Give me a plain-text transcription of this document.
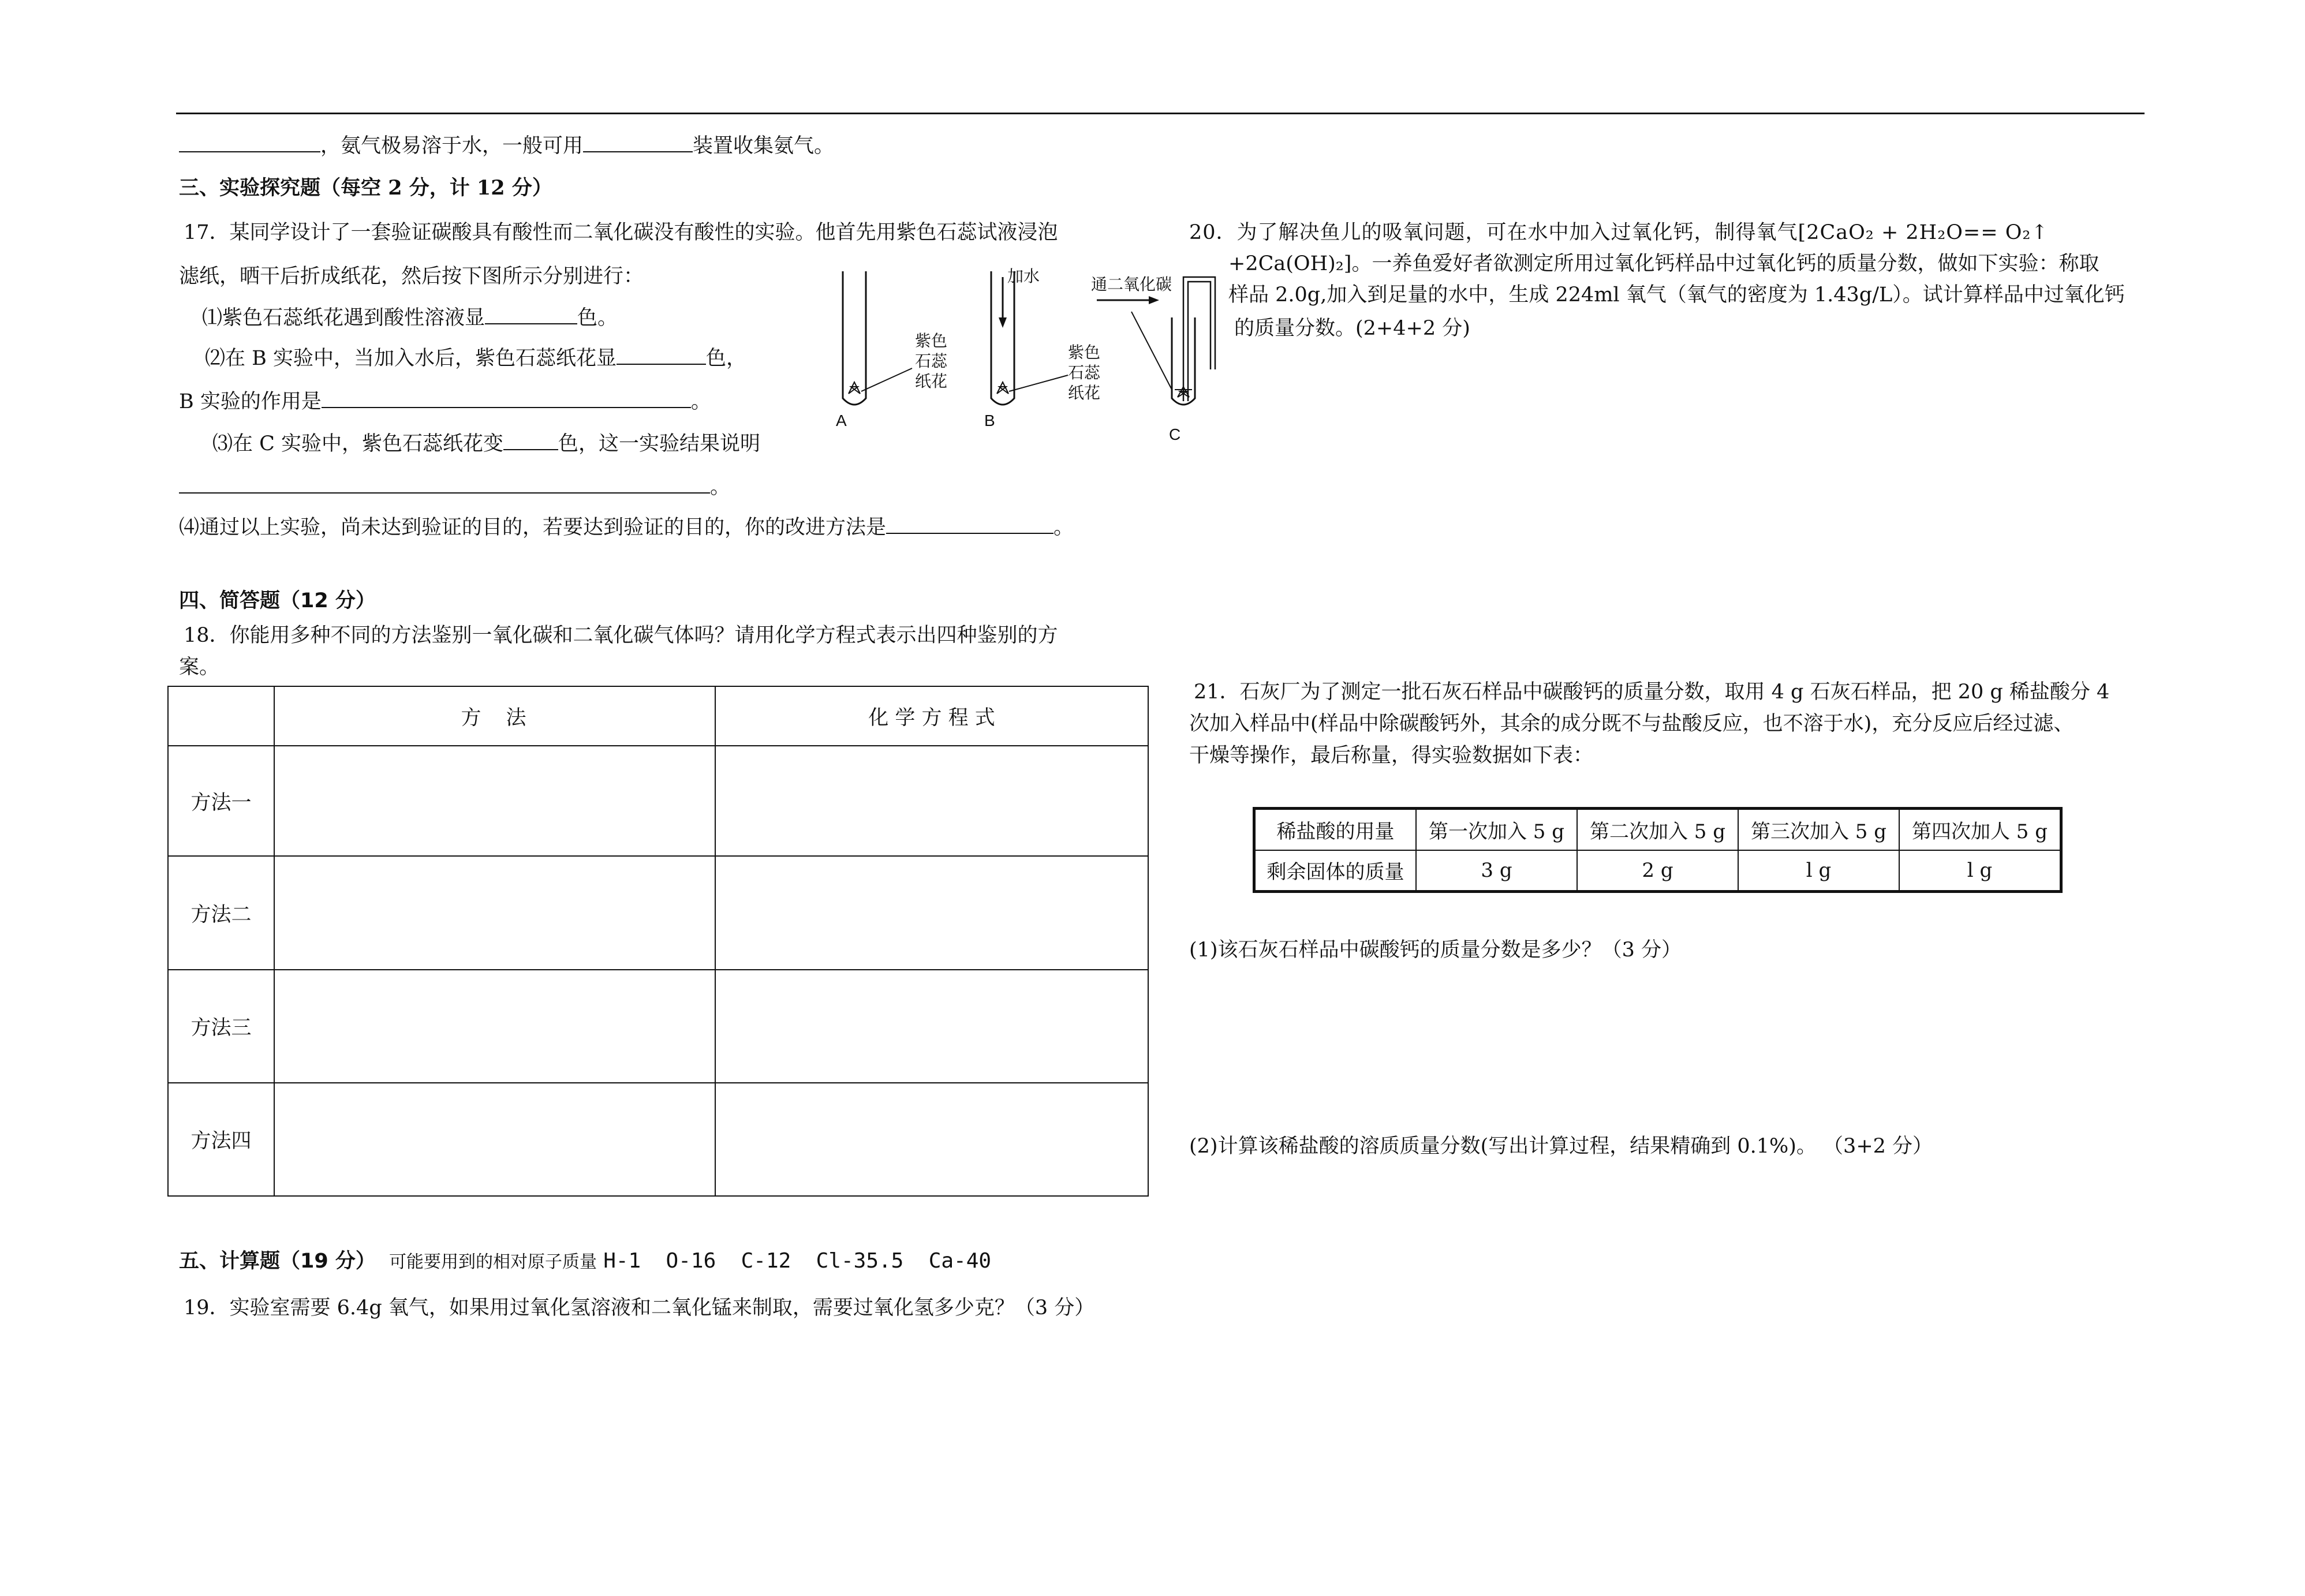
，氨气极易溶于水，一般可用	装置收集氨气。
三、实验探究题（每空 2 分，计 12 分）
17．某同学设计了一套验证碳酸具有酸性而二氧化碳没有酸性的实验。他首先用紫色石蕊试液浸泡
滤纸，晒干后折成纸花，然后按下图所示分别进行：
⑴紫色石蕊纸花遇到酸性溶液显	色。
⑵在 B 实验中，当加入水后，紫色石蕊纸花显	色，
B 实验的作用是	。
⑶在 C 实验中，紫色石蕊纸花变	色，这一实验结果说明
。
⑷通过以上实验，尚未达到验证的目的，若要达到验证的目的，你的改进方法是	。
A	B
C
加水	通二氧化碳
紫色
石蕊
纸花
紫色
石蕊
纸花
四、简答题（12 分）
18．你能用多种不同的方法鉴别一氧化碳和二氧化碳气体吗？请用化学方程式表示出四种鉴别的方
案。
	方　法	化 学 方 程 式
方法一		
方法二		
方法三		
方法四		
五、计算题（19 分） 可能要用到的相对原子质量 H-1  O-16  C-12  Cl-35.5  Ca-40
19．实验室需要 6.4g 氧气，如果用过氧化氢溶液和二氧化锰来制取，需要过氧化氢多少克？（3 分）
20．为了解决鱼儿的吸氧问题，可在水中加入过氧化钙，制得氧气[2CaO₂ + 2H₂O== O₂↑
+2Ca(OH)₂]。一养鱼爱好者欲测定所用过氧化钙样品中过氧化钙的质量分数，做如下实验：称取
样品 2.0g,加入到足量的水中，生成 224ml 氧气（氧气的密度为 1.43g/L）。试计算样品中过氧化钙
的质量分数。(2+4+2 分)
21．石灰厂为了测定一批石灰石样品中碳酸钙的质量分数，取用 4 g 石灰石样品，把 20 g 稀盐酸分 4
次加入样品中(样品中除碳酸钙外，其余的成分既不与盐酸反应，也不溶于水)，充分反应后经过滤、
干燥等操作，最后称量，得实验数据如下表：
稀盐酸的用量	第一次加入 5 g	第二次加入 5 g	第三次加入 5 g	第四次加人 5 g
剩余固体的质量	3 g	2 g	l g	l g
(1)该石灰石样品中碳酸钙的质量分数是多少？（3 分）
(2)计算该稀盐酸的溶质质量分数(写出计算过程，结果精确到 0.1%)。 （3+2 分）
